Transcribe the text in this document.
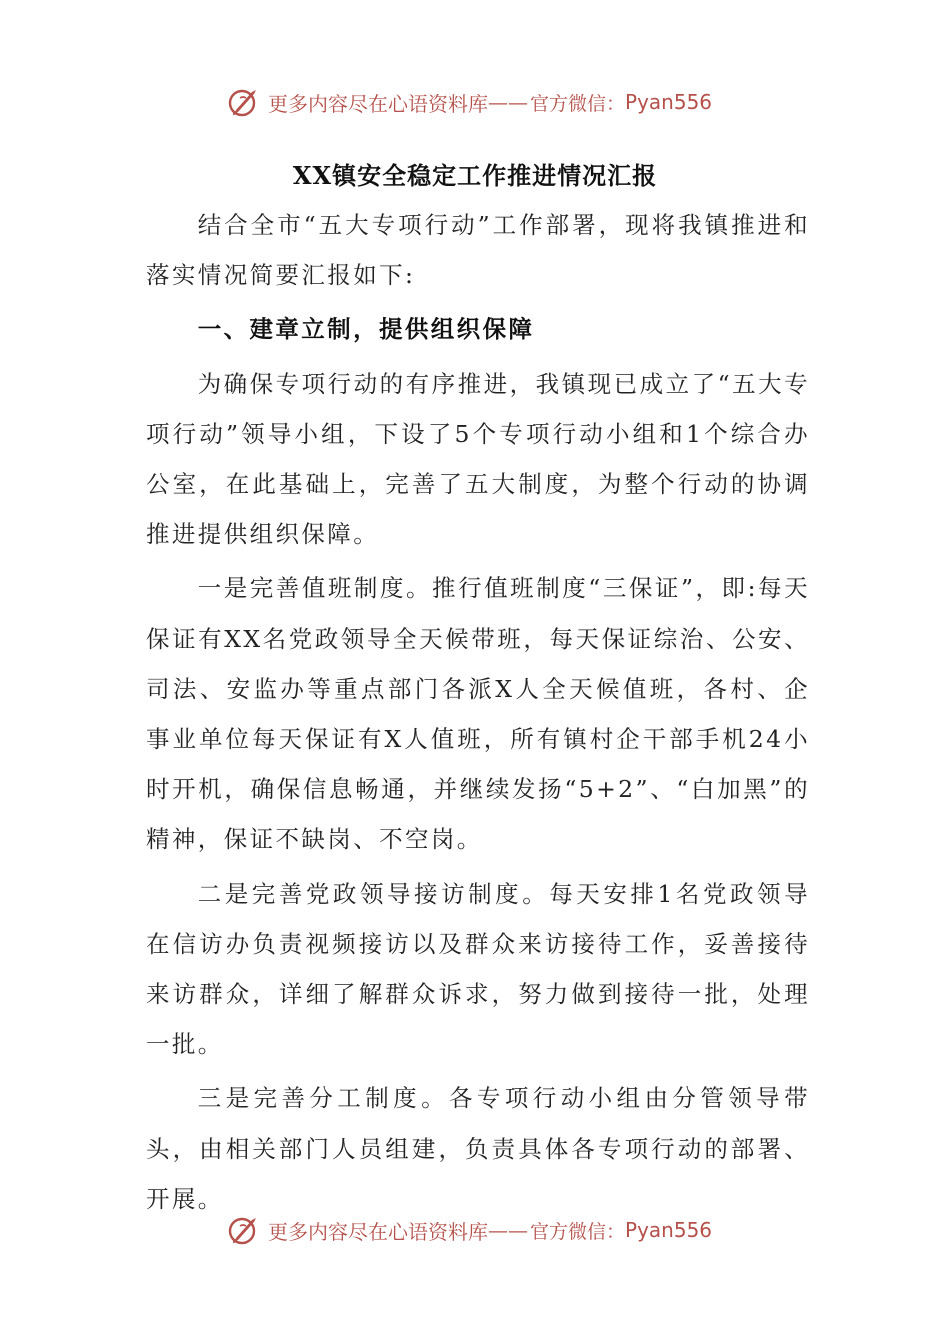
更多内容尽在心语资料库 —— 官方微信： Pyan556
XX镇安全稳定工作推进情况汇报

结合全市“五大专项行动”工作部署，现将我镇推进和落实情况简要汇报如下:

一、建章立制，提供组织保障

为确保专项行动的有序推进，我镇现已成立了“五大专项行动”领导小组，下设了5个专项行动小组和1个综合办公室，在此基础上，完善了五大制度，为整个行动的协调推进提供组织保障。

一是完善值班制度。推行值班制度“三保证”，即:每天保证有XX名党政领导全天候带班，每天保证综治、公安、司法、安监办等重点部门各派X人全天候值班，各村、企事业单位每天保证有X人值班，所有镇村企干部手机24小时开机，确保信息畅通，并继续发扬“5+2”、“白加黑”的精神，保证不缺岗、不空岗。

二是完善党政领导接访制度。每天安排1名党政领导在信访办负责视频接访以及群众来访接待工作，妥善接待来访群众，详细了解群众诉求，努力做到接待一批，处理一批。

三是完善分工制度。各专项行动小组由分管领导带头，由相关部门人员组建，负责具体各专项行动的部署、开展。

更多内容尽在心语资料库 —— 官方微信： Pyan556
